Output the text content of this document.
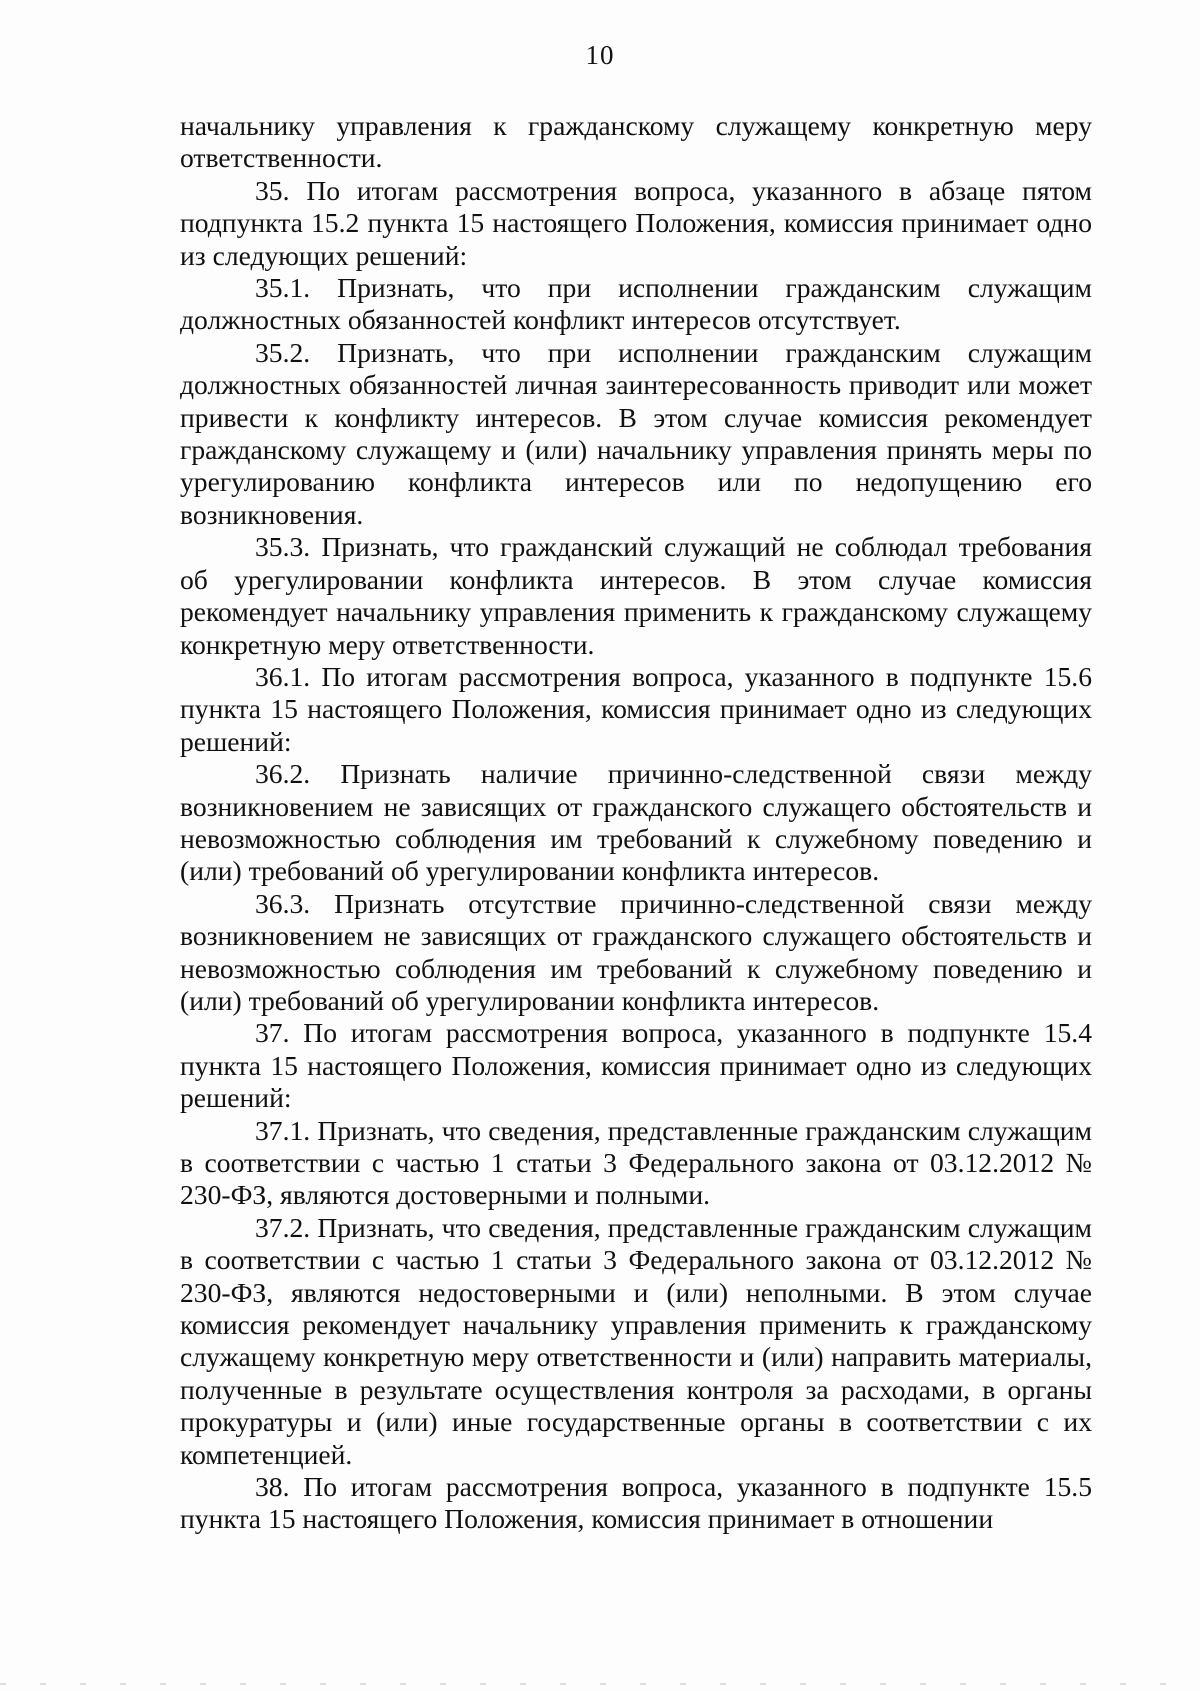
10

начальнику управления к гражданскому служащему конкретную меру ответственности.

35. По итогам рассмотрения вопроса, указанного в абзаце пятом подпункта 15.2 пункта 15 настоящего Положения, комиссия принимает одно из следующих решений:

35.1. Признать, что при исполнении гражданским служащим должностных обязанностей конфликт интересов отсутствует.

35.2. Признать, что при исполнении гражданским служащим должностных обязанностей личная заинтересованность приводит или может привести к конфликту интересов. В этом случае комиссия рекомендует гражданскому служащему и (или) начальнику управления принять меры по урегулированию конфликта интересов или по недопущению его возникновения.

35.3. Признать, что гражданский служащий не соблюдал требования об урегулировании конфликта интересов. В этом случае комиссия рекомендует начальнику управления применить к гражданскому служащему конкретную меру ответственности.

36.1. По итогам рассмотрения вопроса, указанного в подпункте 15.6 пункта 15 настоящего Положения, комиссия принимает одно из следующих решений:

36.2. Признать наличие причинно-следственной связи между возникновением не зависящих от гражданского служащего обстоятельств и невозможностью соблюдения им требований к служебному поведению и (или) требований об урегулировании конфликта интересов.

36.3. Признать отсутствие причинно-следственной связи между возникновением не зависящих от гражданского служащего обстоятельств и невозможностью соблюдения им требований к служебному поведению и (или) требований об урегулировании конфликта интересов.

37. По итогам рассмотрения вопроса, указанного в подпункте 15.4 пункта 15 настоящего Положения, комиссия принимает одно из следующих решений:

37.1. Признать, что сведения, представленные гражданским служащим в соответствии с частью 1 статьи 3 Федерального закона от 03.12.2012 № 230-ФЗ, являются достоверными и полными.

37.2. Признать, что сведения, представленные гражданским служащим в соответствии с частью 1 статьи 3 Федерального закона от 03.12.2012 № 230-ФЗ, являются недостоверными и (или) неполными. В этом случае комиссия рекомендует начальнику управления применить к гражданскому служащему конкретную меру ответственности и (или) направить материалы, полученные в результате осуществления контроля за расходами, в органы прокуратуры и (или) иные государственные органы в соответствии с их компетенцией.

38. По итогам рассмотрения вопроса, указанного в подпункте 15.5 пункта 15 настоящего Положения, комиссия принимает в отношении
